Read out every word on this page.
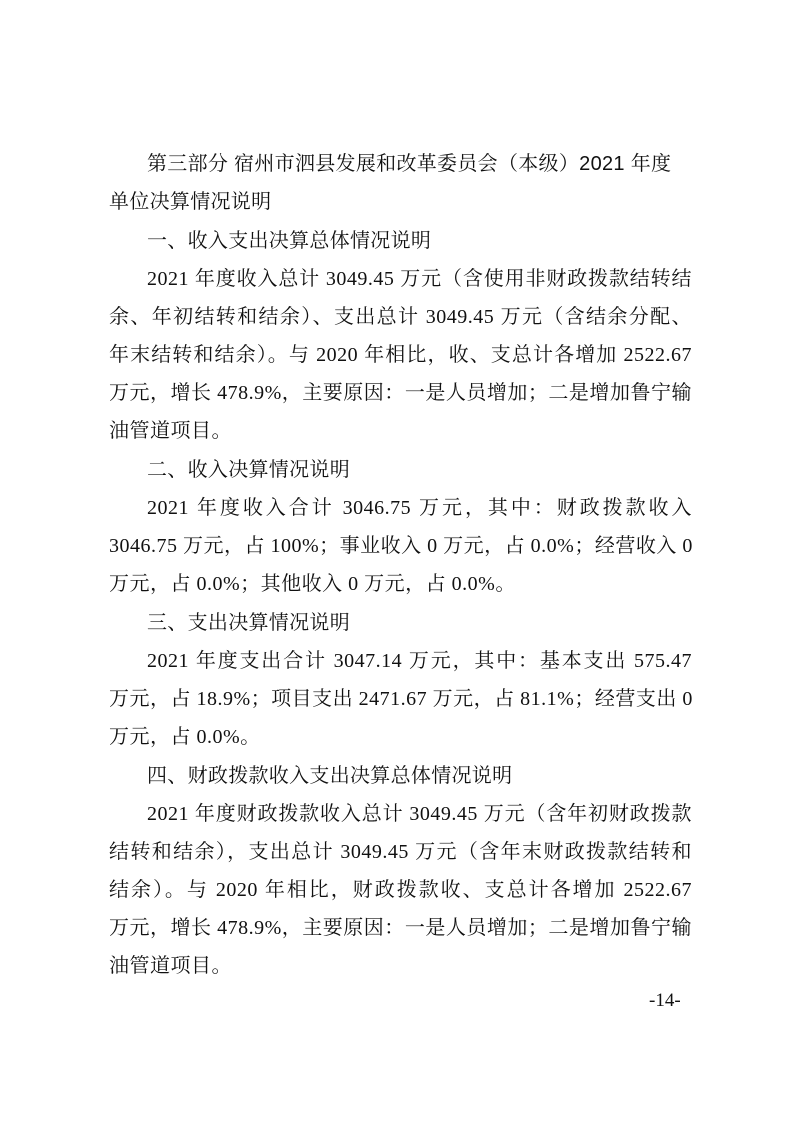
第三部分 宿州市泗县发展和改革委员会（本级）2021 年度
单位决算情况说明
一、收入支出决算总体情况说明
2021 年度收入总计 3049.45 万元（含使用非财政拨款结转结
余、年初结转和结余）、支出总计 3049.45 万元（含结余分配、
年末结转和结余）。与 2020 年相比，收、支总计各增加 2522.67
万元，增长 478.9%，主要原因：一是人员增加；二是增加鲁宁输
油管道项目。
二、收入决算情况说明
2021 年度收入合计 3046.75 万元，其中：财政拨款收入
3046.75 万元，占 100%；事业收入 0 万元，占 0.0%；经营收入 0
万元，占 0.0%；其他收入 0 万元，占 0.0%。
三、支出决算情况说明
2021 年度支出合计 3047.14 万元，其中：基本支出 575.47
万元，占 18.9%；项目支出 2471.67 万元，占 81.1%；经营支出 0
万元，占 0.0%。
四、财政拨款收入支出决算总体情况说明
2021 年度财政拨款收入总计 3049.45 万元（含年初财政拨款
结转和结余），支出总计 3049.45 万元（含年末财政拨款结转和
结余）。与 2020 年相比，财政拨款收、支总计各增加 2522.67
万元，增长 478.9%，主要原因：一是人员增加；二是增加鲁宁输
油管道项目。
-14-
